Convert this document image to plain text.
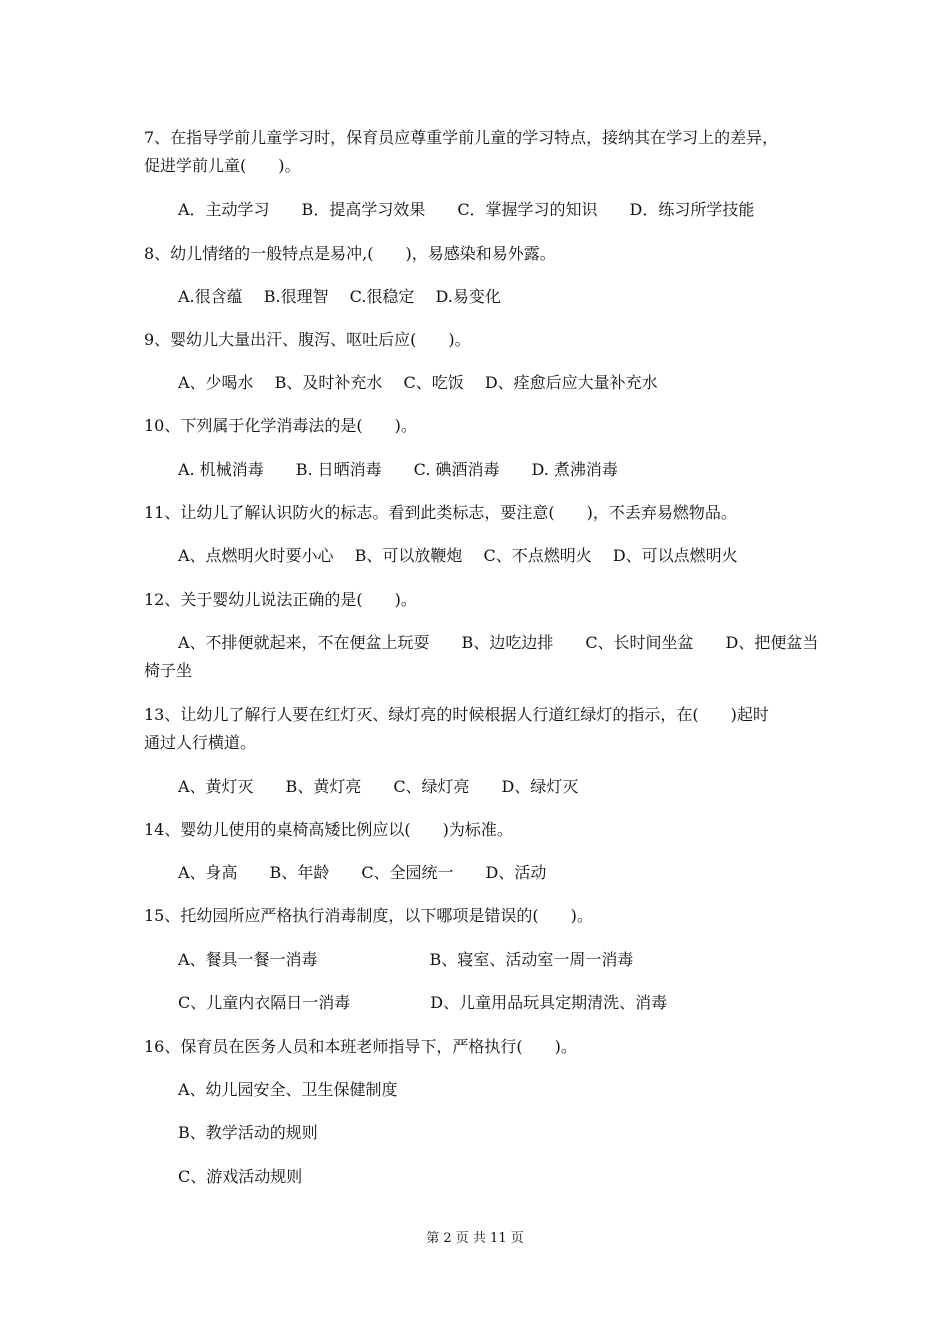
7、在指导学前儿童学习时，保育员应尊重学前儿童的学习特点，接纳其在学习上的差异，
促进学前儿童(　　)。
A．主动学习　　B．提高学习效果　　C．掌握学习的知识　　D．练习所学技能
8、幼儿情绪的一般特点是易冲,(　　)，易感染和易外露。
A.很含蕴　 B.很理智　 C.很稳定　 D.易变化
9、婴幼儿大量出汗、腹泻、呕吐后应(　　)。
A、少喝水　 B、及时补充水　 C、吃饭　 D、痊愈后应大量补充水
10、下列属于化学消毒法的是(　　)。
A. 机械消毒　　B. 日晒消毒　　C. 碘酒消毒　　D. 煮沸消毒
11、让幼儿了解认识防火的标志。看到此类标志，要注意(　　)，不丢弃易燃物品。
A、点燃明火时要小心　 B、可以放鞭炮　 C、不点燃明火　 D、可以点燃明火
12、关于婴幼儿说法正确的是(　　)。
A、不排便就起来，不在便盆上玩耍　　B、边吃边排　　C、长时间坐盆　　D、把便盆当
椅子坐
13、让幼儿了解行人要在红灯灭、绿灯亮的时候根据人行道红绿灯的指示，在(　　)起时
通过人行横道。
A、黄灯灭　　B、黄灯亮　　C、绿灯亮　　D、绿灯灭
14、婴幼儿使用的桌椅高矮比例应以(　　)为标准。
A、身高　　B、年龄　　C、全园统一　　D、活动
15、托幼园所应严格执行消毒制度，以下哪项是错误的(　　)。
A、餐具一餐一消毒　　　　　　　B、寝室、活动室一周一消毒
C、儿童内衣隔日一消毒　　　　　D、儿童用品玩具定期清洗、消毒
16、保育员在医务人员和本班老师指导下，严格执行(　　)。
A、幼儿园安全、卫生保健制度
B、教学活动的规则
C、游戏活动规则
第 2 页 共 11 页
